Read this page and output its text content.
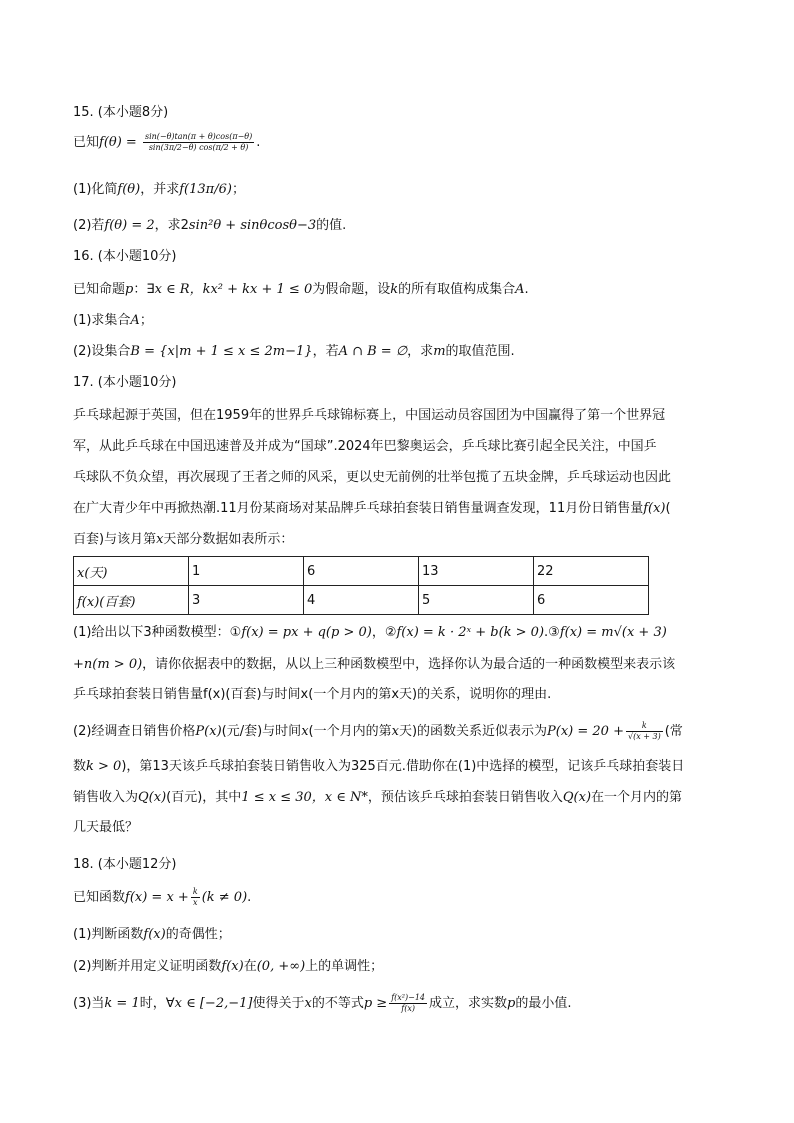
15. (本小题8分)
已知$f(\theta) = \frac{\sin(-\theta)\tan(\pi + \theta)\cos(\pi-\theta)}{\sin(3\pi/2-\theta) \cos(\pi/2 + \theta)}$ .
(1)化简f(θ)，并求f(13π/6)；
(2)若f(θ) = 2，求2sin²θ + sinθcosθ−3的值.
16. (本小题10分)
已知命题p：∃x ∈ R，kx² + kx + 1 ≤ 0为假命题，设k的所有取值构成集合A.
(1)求集合A；
(2)设集合B = {x|m + 1 ≤ x ≤ 2m−1}，若A ∩ B = ∅，求m的取值范围.
17. (本小题10分)
乒乓球起源于英国，但在1959年的世界乒乓球锦标赛上，中国运动员容国团为中国赢得了第一个世界冠
军，从此乒乓球在中国迅速普及并成为“国球”.2024年巴黎奥运会，乒乓球比赛引起全民关注，中国乒
乓球队不负众望，再次展现了王者之师的风采，更以史无前例的壮举包揽了五块金牌，乒乓球运动也因此
在广大青少年中再掀热潮.11月份某商场对某品牌乒乓球拍套装日销售量调查发现，11月份日销售量f(x)(
百套)与该月第x天部分数据如表所示：
x(天)	1	6	13	22
f(x)(百套)	3	4	5	6
(1)给出以下3种函数模型：①f(x) = px + q(p > 0)，②f(x) = k · 2ˣ + b(k > 0).③f(x) = m√(x + 3)
+n(m > 0)，请你依据表中的数据，从以上三种函数模型中，选择你认为最合适的一种函数模型来表示该
乒乓球拍套装日销售量f(x)(百套)与时间x(一个月内的第x天)的关系，说明你的理由.
(2)经调查日销售价格P(x)(元/套)与时间x(一个月内的第x天)的函数关系近似表示为$P(x) = 20 + \frac{k}{√(x + 3)}$ (常
数k > 0)，第13天该乒乓球拍套装日销售收入为325百元.借助你在(1)中选择的模型，记该乒乓球拍套装日
销售收入为Q(x)(百元)，其中1 ≤ x ≤ 30，x ∈ N*，预估该乒乓球拍套装日销售收入Q(x)在一个月内的第
几天最低？
18. (本小题12分)
已知函数$f(x) = x + \frac{k}{x} (k \ne 0)$.
(1)判断函数f(x)的奇偶性；
(2)判断并用定义证明函数f(x)在(0, +∞)上的单调性；
(3)当k = 1时，∀x ∈ [−2,−1]使得关于x的不等式$p \ge \frac{\text{f(x²)−14}}{f(x)}$ 成立，求实数p的最小值.
